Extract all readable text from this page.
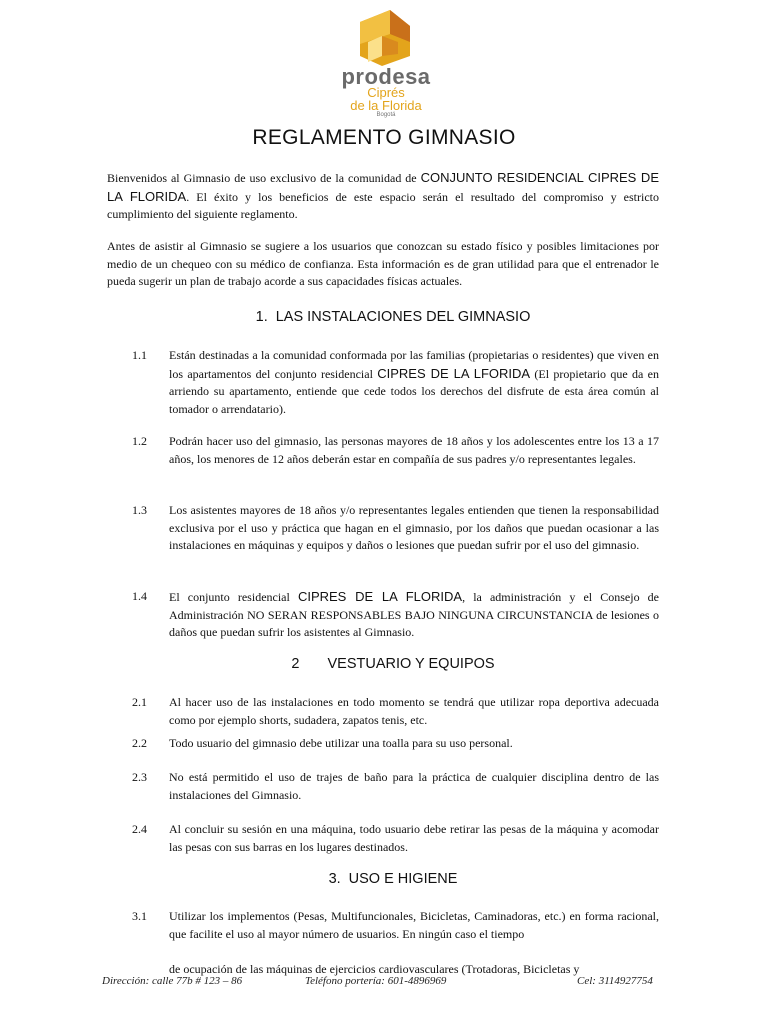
prodesa
Ciprés
de la Florida
Bogotá
REGLAMENTO GIMNASIO
Bienvenidos al Gimnasio de uso exclusivo de la comunidad de CONJUNTO RESIDENCIAL CIPRES DE LA FLORIDA. El éxito y los beneficios de este espacio serán el resultado del compromiso y estricto cumplimiento del siguiente reglamento.
Antes de asistir al Gimnasio se sugiere a los usuarios que conozcan su estado físico y posibles limitaciones por medio de un chequeo con su médico de confianza. Esta información es de gran utilidad para que el entrenador le pueda sugerir un plan de trabajo acorde a sus capacidades físicas actuales.
1. LAS INSTALACIONES DEL GIMNASIO
1.1 Están destinadas a la comunidad conformada por las familias (propietarias o residentes) que viven en los apartamentos del conjunto residencial CIPRES DE LA LFORIDA (El propietario que da en arriendo su apartamento, entiende que cede todos los derechos del disfrute de esta área común al tomador o arrendatario).
1.2 Podrán hacer uso del gimnasio, las personas mayores de 18 años y los adolescentes entre los 13 a 17 años, los menores de 12 años deberán estar en compañía de sus padres y/o representantes legales.
1.3 Los asistentes mayores de 18 años y/o representantes legales entienden que tienen la responsabilidad exclusiva por el uso y práctica que hagan en el gimnasio, por los daños que puedan ocasionar a las instalaciones en máquinas y equipos y daños o lesiones que puedan sufrir por el uso del gimnasio.
1.4 El conjunto residencial CIPRES DE LA FLORIDA, la administración y el Consejo de Administración NO SERAN RESPONSABLES BAJO NINGUNA CIRCUNSTANCIA de lesiones o daños que puedan sufrir los asistentes al Gimnasio.
2 VESTUARIO Y EQUIPOS
2.1 Al hacer uso de las instalaciones en todo momento se tendrá que utilizar ropa deportiva adecuada como por ejemplo shorts, sudadera, zapatos tenis, etc.
2.2 Todo usuario del gimnasio debe utilizar una toalla para su uso personal.
2.3 No está permitido el uso de trajes de baño para la práctica de cualquier disciplina dentro de las instalaciones del Gimnasio.
2.4 Al concluir su sesión en una máquina, todo usuario debe retirar las pesas de la máquina y acomodar las pesas con sus barras en los lugares destinados.
3. USO E HIGIENE
3.1 Utilizar los implementos (Pesas, Multifuncionales, Bicicletas, Caminadoras, etc.) en forma racional, que facilite el uso al mayor número de usuarios. En ningún caso el tiempo
de ocupación de las máquinas de ejercicios cardiovasculares (Trotadoras, Bicicletas y
Dirección: calle 77b # 123 – 86	Teléfono portería: 601-4896969	Cel: 3114927754
